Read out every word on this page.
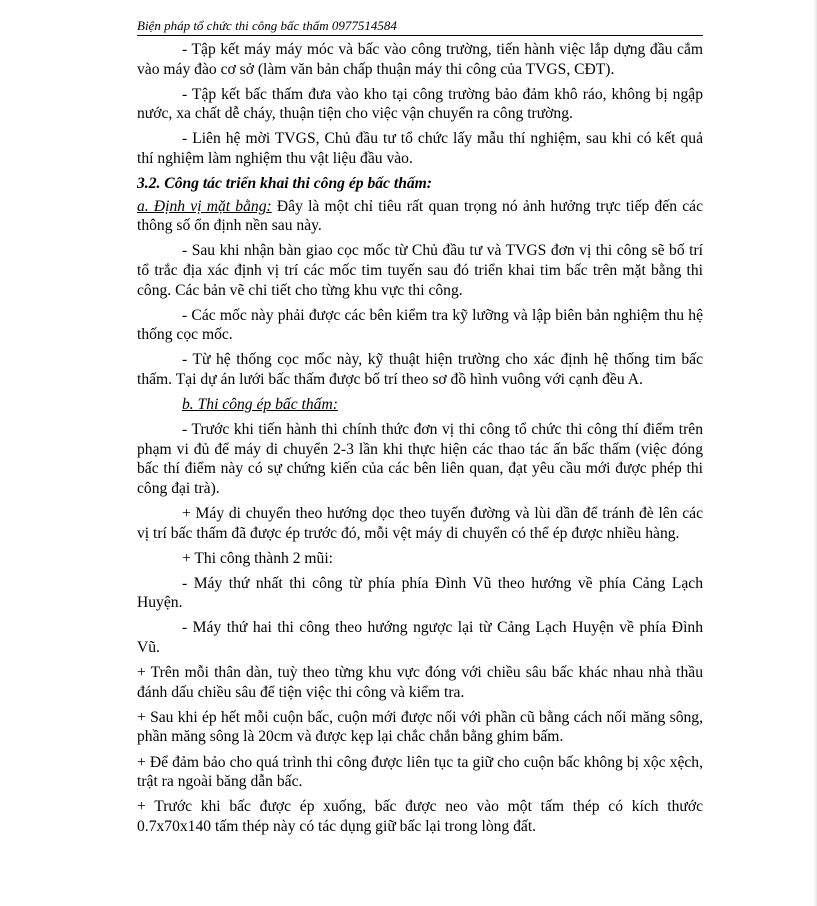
Biện pháp tổ chức thi công bấc thấm 0977514584

- Tập kết máy máy móc và bấc vào công trường, tiến hành việc lắp dựng đầu cắm vào máy đào cơ sở (làm văn bản chấp thuận máy thi công của TVGS, CĐT).

- Tập kết bấc thấm đưa vào kho tại công trường bảo đảm khô ráo, không bị ngập nước, xa chất dễ cháy, thuận tiện cho việc vận chuyển ra công trường.

- Liên hệ mời TVGS, Chủ đầu tư tổ chức lấy mẫu thí nghiệm, sau khi có kết quả thí nghiệm làm nghiệm thu vật liệu đầu vào.

3.2. Công tác triển khai thi công ép bấc thấm:

a. Định vị mặt bằng: Đây là một chỉ tiêu rất quan trọng nó ảnh hưởng trực tiếp đến các thông số ổn định nền sau này.

- Sau khi nhận bàn giao cọc mốc từ Chủ đầu tư và TVGS đơn vị thi công sẽ bố trí tổ trắc địa xác định vị trí các mốc tim tuyến sau đó triển khai tim bấc trên mặt bằng thi công. Các bản vẽ chi tiết cho từng khu vực thi công.

- Các mốc này phải được các bên kiểm tra kỹ lưỡng và lập biên bản nghiệm thu hệ thống cọc mốc.

- Từ hệ thống cọc mốc này, kỹ thuật hiện trường cho xác định hệ thống tim bấc thấm. Tại dự án lưới bấc thấm được bố trí theo sơ đồ hình vuông với cạnh đều A.

b. Thi công ép bấc thấm:

- Trước khi tiến hành thi chính thức đơn vị thi công tổ chức thi công thí điểm trên phạm vi đủ để máy di chuyển 2-3 lần khi thực hiện các thao tác ấn bấc thấm (việc đóng bấc thí điểm này có sự chứng kiến của các bên liên quan, đạt yêu cầu mới được phép thi công đại trà).

+ Máy di chuyển theo hướng dọc theo tuyến đường và lùi dần để tránh đè lên các vị trí bấc thấm đã được ép trước đó, mỗi vệt máy di chuyển có thể ép được nhiều hàng.

+ Thi công thành 2 mũi:

- Máy thứ nhất thi công từ phía phía Đình Vũ theo hướng về phía Cảng Lạch Huyện.

- Máy thứ hai thi công theo hướng ngược lại từ Cảng Lạch Huyện về phía Đình Vũ.

+ Trên mỗi thân dàn, tuỳ theo từng khu vực đóng với chiều sâu bấc khác nhau nhà thầu đánh dấu chiều sâu để tiện việc thi công và kiểm tra.

+ Sau khi ép hết mỗi cuộn bấc, cuộn mới được nối với phần cũ bằng cách nối măng sông, phần măng sông là 20cm và được kẹp lại chắc chắn bằng ghim bấm.

+ Để đảm bảo cho quá trình thi công được liên tục ta giữ cho cuộn bấc không bị xộc xệch, trật ra ngoài băng dẫn bấc.

+ Trước khi bấc được ép xuống, bấc được neo vào một tấm thép có kích thước 0.7x70x140 tấm thép này có tác dụng giữ bấc lại trong lòng đất.
